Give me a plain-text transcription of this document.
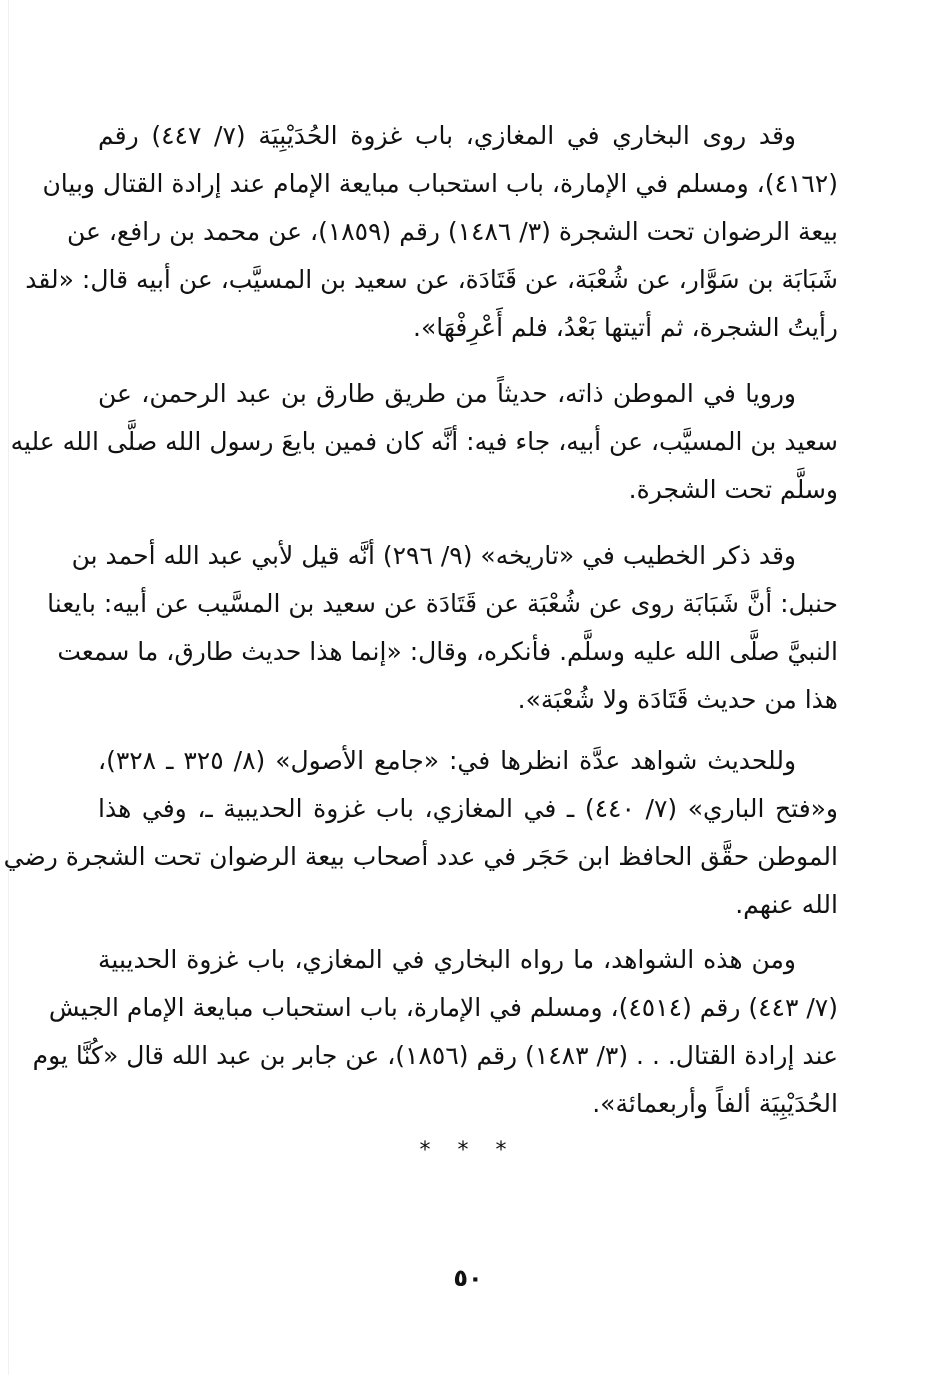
وقد روى البخاري في المغازي، باب غزوة الحُدَيْبِيَة (٧/ ٤٤٧) رقم
(٤١٦٢)، ومسلم في الإمارة، باب استحباب مبايعة الإمام عند إرادة القتال وبيان
بيعة الرضوان تحت الشجرة (٣/ ١٤٨٦) رقم (١٨٥٩)، عن محمد بن رافع، عن
شَبَابَة بن سَوَّار، عن شُعْبَة، عن قَتَادَة، عن سعيد بن المسيَّب، عن أبيه قال: «لقد
رأيتُ الشجرة، ثم أتيتها بَعْدُ، فلم أَعْرِفْهَا».
ورويا في الموطن ذاته، حديثاً من طريق طارق بن عبد الرحمن، عن
سعيد بن المسيَّب، عن أبيه، جاء فيه: أنَّه كان فمين بايعَ رسول الله صلَّى الله عليه
وسلَّم تحت الشجرة.
وقد ذكر الخطيب في «تاريخه» (٩/ ٢٩٦) أنَّه قيل لأبي عبد الله أحمد بن
حنبل: أنَّ شَبَابَة روى عن شُعْبَة عن قَتَادَة عن سعيد بن المسَّيب عن أبيه: بايعنا
النبيَّ صلَّى الله عليه وسلَّم. فأنكره، وقال: «إنما هذا حديث طارق، ما سمعت
هذا من حديث قَتَادَة ولا شُعْبَة».
وللحديث شواهد عدَّة انظرها في: «جامع الأصول» (٨/ ٣٢٥ ـ ٣٢٨)،
و«فتح الباري» (٧/ ٤٤٠) ـ في المغازي، باب غزوة الحديبية ـ، وفي هذا
الموطن حقَّق الحافظ ابن حَجَر في عدد أصحاب بيعة الرضوان تحت الشجرة رضي
الله عنهم.
ومن هذه الشواهد، ما رواه البخاري في المغازي، باب غزوة الحديبية
(٧/ ٤٤٣) رقم (٤٥١٤)، ومسلم في الإمارة، باب استحباب مبايعة الإمام الجيش
عند إرادة القتال. . . (٣/ ١٤٨٣) رقم (١٨٥٦)، عن جابر بن عبد الله قال «كُنَّا يوم
الحُدَيْبِيَة ألفاً وأربعمائة».
* * *
٥٠
